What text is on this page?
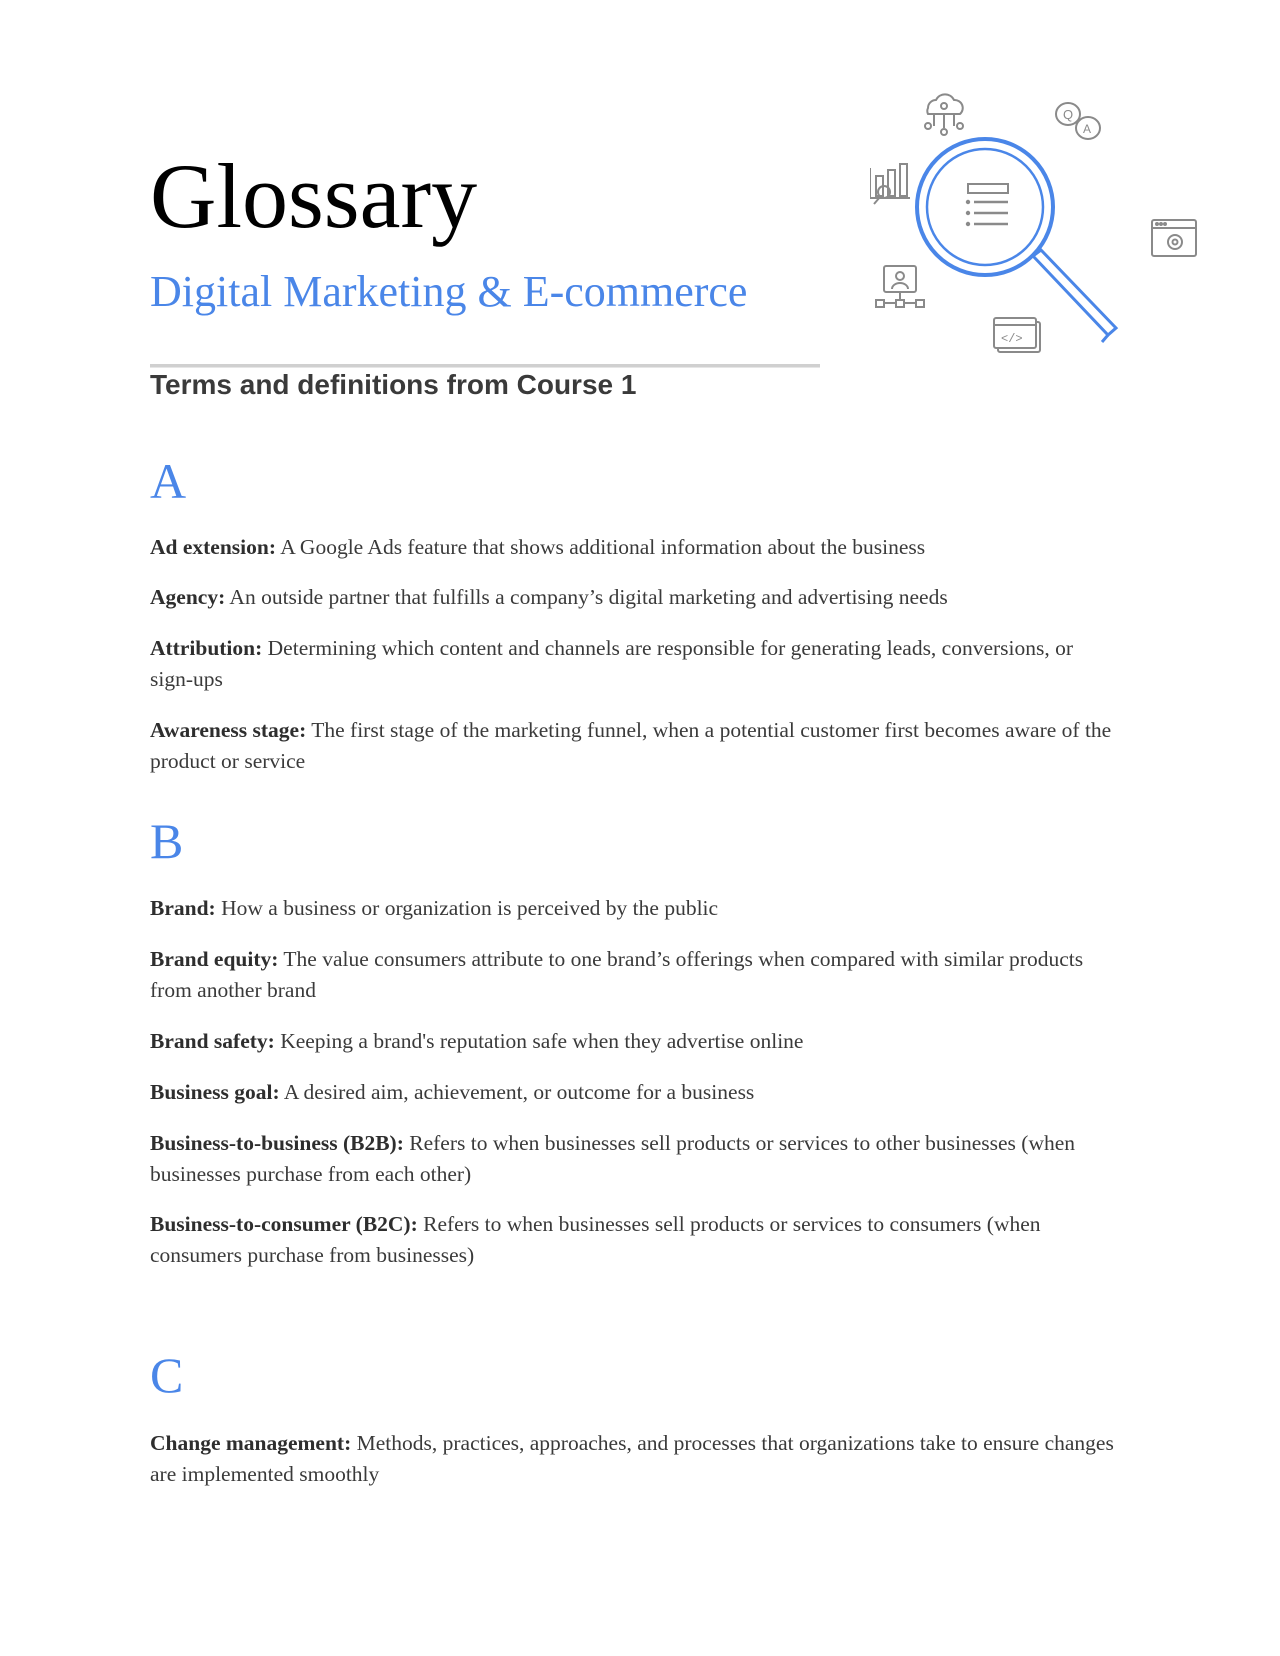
Glossary
Digital Marketing & E-commerce
Terms and definitions from Course 1
Q
A
</>
A
Ad extension: A Google Ads feature that shows additional information about the business
Agency: An outside partner that fulfills a company’s digital marketing and advertising needs
Attribution: Determining which content and channels are responsible for generating leads, conversions, or sign-ups
Awareness stage: The first stage of the marketing funnel, when a potential customer first becomes aware of the product or service
B
Brand: How a business or organization is perceived by the public
Brand equity: The value consumers attribute to one brand’s offerings when compared with similar products from another brand
Brand safety: Keeping a brand's reputation safe when they advertise online
Business goal: A desired aim, achievement, or outcome for a business
Business-to-business (B2B): Refers to when businesses sell products or services to other businesses (when businesses purchase from each other)
Business-to-consumer (B2C): Refers to when businesses sell products or services to consumers (when consumers purchase from businesses)
C
Change management: Methods, practices, approaches, and processes that organizations take to ensure changes are implemented smoothly
